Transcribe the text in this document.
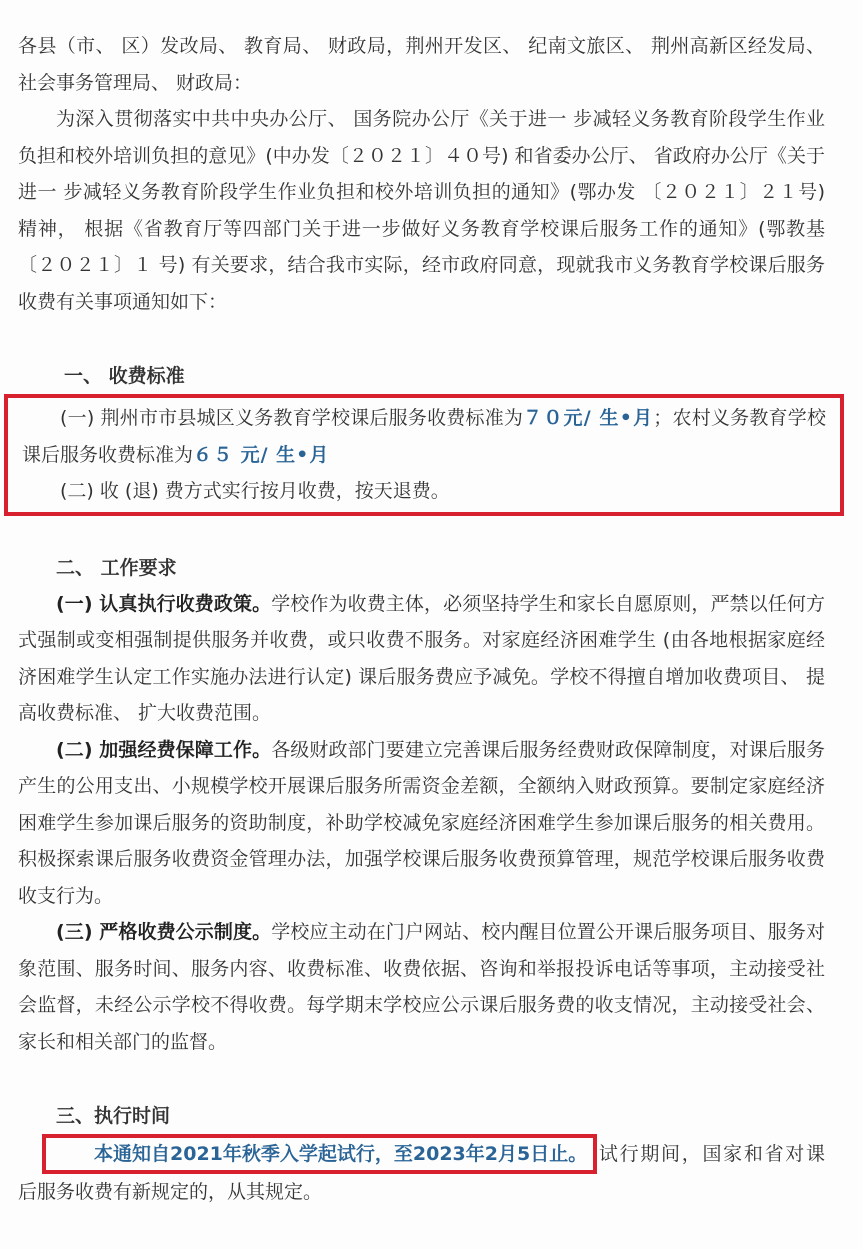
各县（市、 区）发改局、 教育局、 财政局，荆州开发区、 纪南文旅区、 荆州高新区经发局、 社会事务管理局、 财政局：

为深入贯彻落实中共中央办公厅、 国务院办公厅《关于进一 步减轻义务教育阶段学生作业负担和校外培训负担的意见》(中办发〔２０２１〕４０号) 和省委办公厅、 省政府办公厅《关于进一 步减轻义务教育阶段学生作业负担和校外培训负担的通知》(鄂办发 〔２０２１〕２１号) 精神， 根据《省教育厅等四部门关于进一步做好义务教育学校课后服务工作的通知》(鄂教基 〔２０２１〕１ 号) 有关要求，结合我市实际，经市政府同意，现就我市义务教育学校课后服务收费有关事项通知如下：

一、 收费标准

(一) 荆州市市县城区义务教育学校课后服务收费标准为７０元/ 生•月；农村义务教育学校课后服务收费标准为６５ 元/ 生•月

(二) 收 (退) 费方式实行按月收费，按天退费。

二、 工作要求

(一) 认真执行收费政策。学校作为收费主体，必须坚持学生和家长自愿原则，严禁以任何方式强制或变相强制提供服务并收费，或只收费不服务。对家庭经济困难学生 (由各地根据家庭经济困难学生认定工作实施办法进行认定) 课后服务费应予减免。学校不得擅自增加收费项目、 提高收费标准、 扩大收费范围。

(二) 加强经费保障工作。各级财政部门要建立完善课后服务经费财政保障制度，对课后服务产生的公用支出、小规模学校开展课后服务所需资金差额，全额纳入财政预算。要制定家庭经济困难学生参加课后服务的资助制度，补助学校减免家庭经济困难学生参加课后服务的相关费用。积极探索课后服务收费资金管理办法，加强学校课后服务收费预算管理，规范学校课后服务收费收支行为。

(三) 严格收费公示制度。学校应主动在门户网站、校内醒目位置公开课后服务项目、服务对象范围、服务时间、服务内容、收费标准、收费依据、咨询和举报投诉电话等事项，主动接受社会监督，未经公示学校不得收费。每学期末学校应公示课后服务费的收支情况，主动接受社会、家长和相关部门的监督。

三、执行时间

本通知自2021年秋季入学起试行，至2023年2月5日止。 试行期间，国家和省对课后服务收费有新规定的，从其规定。
